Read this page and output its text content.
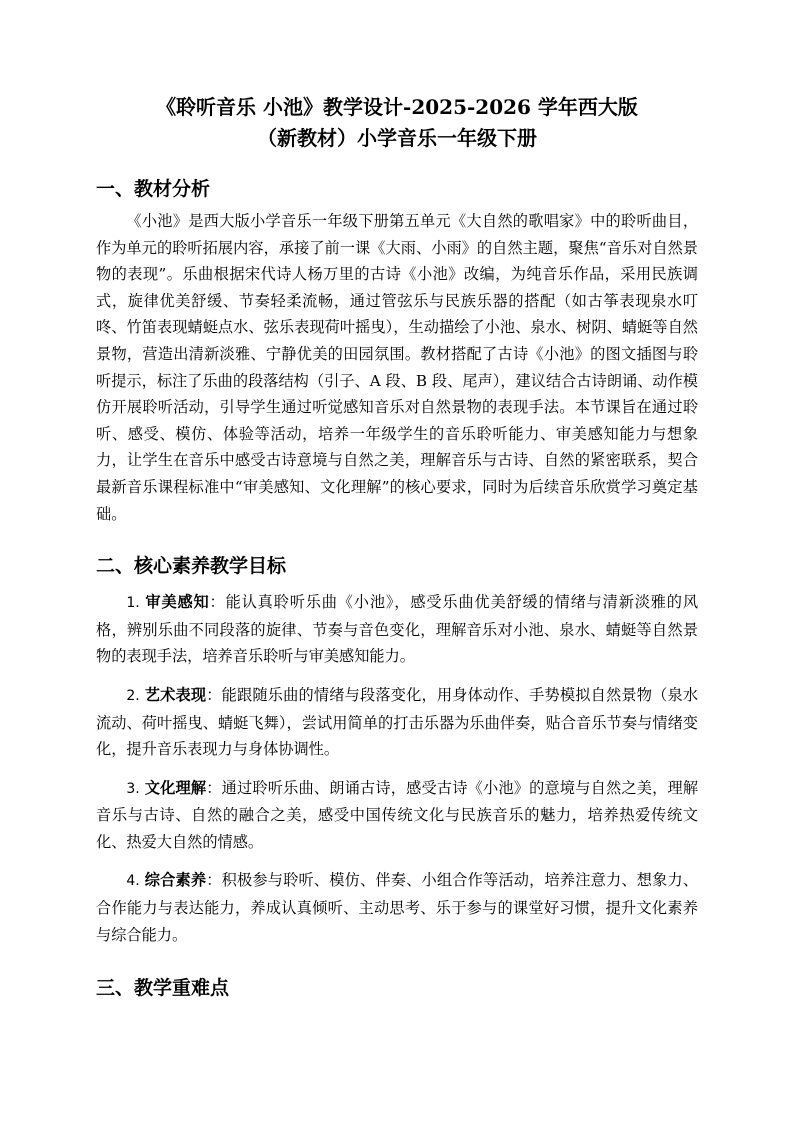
《聆听音乐 小池》教学设计-2025-2026 学年西大版
（新教材）小学音乐一年级下册
一、教材分析

《小池》是西大版小学音乐一年级下册第五单元《大自然的歌唱家》中的聆听曲目，作为单元的聆听拓展内容，承接了前一课《大雨、小雨》的自然主题，聚焦“音乐对自然景物的表现”。乐曲根据宋代诗人杨万里的古诗《小池》改编，为纯音乐作品，采用民族调式，旋律优美舒缓、节奏轻柔流畅，通过管弦乐与民族乐器的搭配（如古筝表现泉水叮咚、竹笛表现蜻蜓点水、弦乐表现荷叶摇曳），生动描绘了小池、泉水、树阴、蜻蜓等自然景物，营造出清新淡雅、宁静优美的田园氛围。教材搭配了古诗《小池》的图文插图与聆听提示，标注了乐曲的段落结构（引子、A 段、B 段、尾声），建议结合古诗朗诵、动作模仿开展聆听活动，引导学生通过听觉感知音乐对自然景物的表现手法。本节课旨在通过聆听、感受、模仿、体验等活动，培养一年级学生的音乐聆听能力、审美感知能力与想象力，让学生在音乐中感受古诗意境与自然之美，理解音乐与古诗、自然的紧密联系，契合最新音乐课程标准中“审美感知、文化理解”的核心要求，同时为后续音乐欣赏学习奠定基础。

二、核心素养教学目标

1. 审美感知：能认真聆听乐曲《小池》，感受乐曲优美舒缓的情绪与清新淡雅的风格，辨别乐曲不同段落的旋律、节奏与音色变化，理解音乐对小池、泉水、蜻蜓等自然景物的表现手法，培养音乐聆听与审美感知能力。

2. 艺术表现：能跟随乐曲的情绪与段落变化，用身体动作、手势模拟自然景物（泉水流动、荷叶摇曳、蜻蜓飞舞），尝试用简单的打击乐器为乐曲伴奏，贴合音乐节奏与情绪变化，提升音乐表现力与身体协调性。

3. 文化理解：通过聆听乐曲、朗诵古诗，感受古诗《小池》的意境与自然之美，理解音乐与古诗、自然的融合之美，感受中国传统文化与民族音乐的魅力，培养热爱传统文化、热爱大自然的情感。

4. 综合素养：积极参与聆听、模仿、伴奏、小组合作等活动，培养注意力、想象力、合作能力与表达能力，养成认真倾听、主动思考、乐于参与的课堂好习惯，提升文化素养与综合能力。

三、教学重难点
